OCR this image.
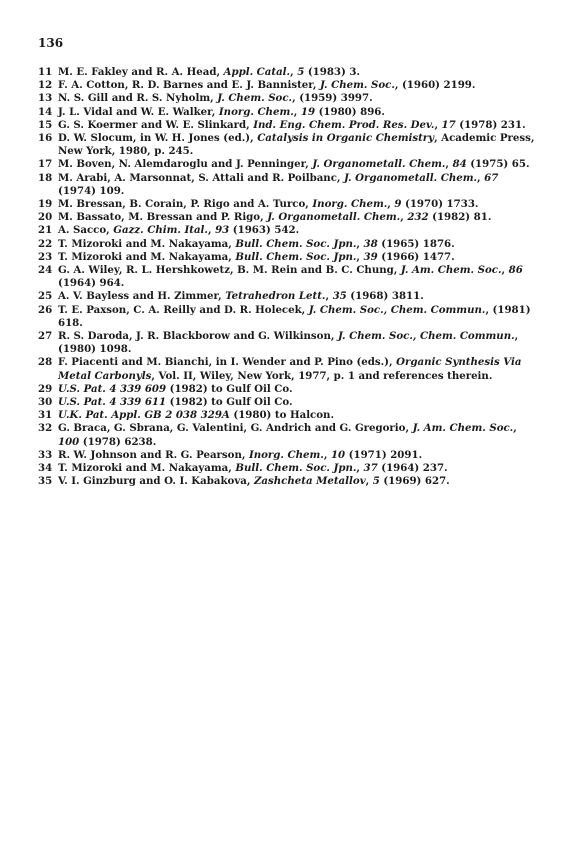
136
11 M. E. Fakley and R. A. Head, Appl. Catal., 5 (1983) 3.
12 F. A. Cotton, R. D. Barnes and E. J. Bannister, J. Chem. Soc., (1960) 2199.
13 N. S. Gill and R. S. Nyholm, J. Chem. Soc., (1959) 3997.
14 J. L. Vidal and W. E. Walker, Inorg. Chem., 19 (1980) 896.
15 G. S. Koermer and W. E. Slinkard, Ind. Eng. Chem. Prod. Res. Dev., 17 (1978) 231.
16 D. W. Slocum, in W. H. Jones (ed.), Catalysis in Organic Chemistry, Academic Press, New York, 1980, p. 245.
17 M. Boven, N. Alemdaroglu and J. Penninger, J. Organometall. Chem., 84 (1975) 65.
18 M. Arabi, A. Marsonnat, S. Attali and R. Poilbanc, J. Organometall. Chem., 67 (1974) 109.
19 M. Bressan, B. Corain, P. Rigo and A. Turco, Inorg. Chem., 9 (1970) 1733.
20 M. Bassato, M. Bressan and P. Rigo, J. Organometall. Chem., 232 (1982) 81.
21 A. Sacco, Gazz. Chim. Ital., 93 (1963) 542.
22 T. Mizoroki and M. Nakayama, Bull. Chem. Soc. Jpn., 38 (1965) 1876.
23 T. Mizoroki and M. Nakayama, Bull. Chem. Soc. Jpn., 39 (1966) 1477.
24 G. A. Wiley, R. L. Hershkowetz, B. M. Rein and B. C. Chung, J. Am. Chem. Soc., 86 (1964) 964.
25 A. V. Bayless and H. Zimmer, Tetrahedron Lett., 35 (1968) 3811.
26 T. E. Paxson, C. A. Reilly and D. R. Holecek, J. Chem. Soc., Chem. Commun., (1981) 618.
27 R. S. Daroda, J. R. Blackborow and G. Wilkinson, J. Chem. Soc., Chem. Commun., (1980) 1098.
28 F. Piacenti and M. Bianchi, in I. Wender and P. Pino (eds.), Organic Synthesis Via Metal Carbonyls, Vol. II, Wiley, New York, 1977, p. 1 and references therein.
29 U.S. Pat. 4 339 609 (1982) to Gulf Oil Co.
30 U.S. Pat. 4 339 611 (1982) to Gulf Oil Co.
31 U.K. Pat. Appl. GB 2 038 329A (1980) to Halcon.
32 G. Braca, G. Sbrana, G. Valentini, G. Andrich and G. Gregorio, J. Am. Chem. Soc., 100 (1978) 6238.
33 R. W. Johnson and R. G. Pearson, Inorg. Chem., 10 (1971) 2091.
34 T. Mizoroki and M. Nakayama, Bull. Chem. Soc. Jpn., 37 (1964) 237.
35 V. I. Ginzburg and O. I. Kabakova, Zashcheta Metallov, 5 (1969) 627.
